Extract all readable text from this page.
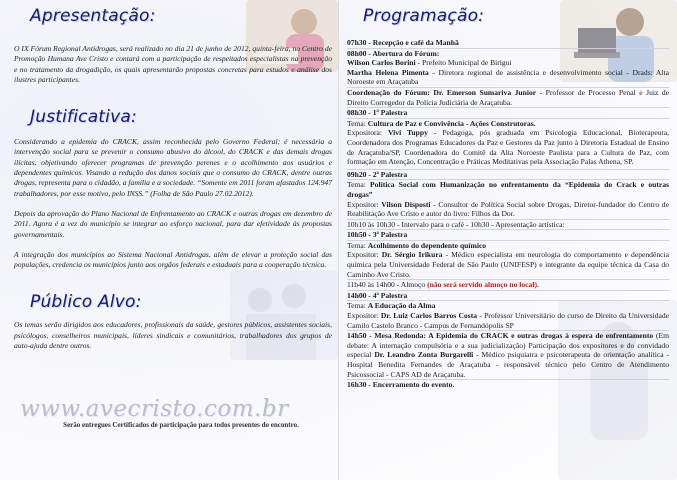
Apresentação:

O IX Fórum Regional Antidrogas, será realizado no dia 21 de junho de 2012, quinta-feira, no Centro de Promoção Humana Ave Cristo e contará com a participação de respeitados especialistas na prevenção e no tratamento da drogadição, os quais apresentarão propostas concretas para estudos e análise dos ilustres participantes.

Justificativa:

Considerando a epidemia do CRACK, assim reconhecida pelo Governo Federal; é necessária a intervenção social para se prevenir o consumo abusivo do álcool, do CRACK e das demais drogas ilícitas, objetivando oferecer programas de prevenção perenes e o acolhimento aos usuários e dependentes químicos. Visando a redução dos danos sociais que o consumo do CRACK, dentre outras drogas, representa para o cidadão, a família e a sociedade. “Somente em 2011 foram afastados 124.947 trabalhadores, por esse motivo, pelo INSS.” (Folha de São Paulo 27.02.2012).

Depois da aprovação do Plano Nacional de Enfrentamento ao CRACK e outras drogas em dezembro de 2011. Agora é a vez do município se integrar ao esforço nacional, para dar efetividade às propostas governamentais.

A integração dos municípios ao Sistema Nacional Antidrogas, além de elevar a proteção social das populações, credencia os municípios junto aos orgãos federais e estaduais para a cooperação técnica.

Público Alvo:

Os temas serão dirigidos aos educadores, profissionais da saúde, gestores públicos, assistentes sociais, psicólogos, conselheiros municipais, líderes sindicais e comunitários, trabalhadores dos grupos de auto-ajuda dentre outros.

www.avecristo.com.br
Serão entregues Certificados de participação para todos presentes do encontro.
Programação:

07h30 - Recepção e café da Manhã

08h00 - Abertura do Fórum:

Wilson Carlos Borini - Prefeito Municipal de Birigui

Martha Helena Pimenta - Diretora regional de assistência e desenvolvimento social - Drads: Alta Noroeste em Araçatuba

Coordenação do Fórum: Dr. Emerson Sumariva Junior - Professor de Processo Penal e Juiz de Direito Corregedor da Polícia Judiciária de Araçatuba.

08h30 - 1ª Palestra

Tema: Cultura de Paz e Convivência - Ações Construtoras.

Expositora: Vivi Tuppy - Pedagoga, pós graduada em Psicologia Educacional, Bioterapeuta, Coordenadora dos Programas Educadores da Paz e Gestores da Paz junto à Diretoria Estadual de Ensino de Araçatuba/SP, Coordenadora do Comitê da Alta Noroeste Paulista para a Cultura de Paz, com formação em Atenção, Concentração e Práticas Meditativas pela Associação Palas Athena, SP.

09h20 - 2ª Palestra

Tema: Política Social com Humanização no enfrentamento da “Epidemia do Crack e outras drogas”

Expositor: Vilson Disposti - Consultor de Política Social sobre Drogas, Diretor-fundador do Centro de Reabilitação Ave Cristo e autor do livro: Filhos da Dor.

10h10 às 10h30 - Intervalo para o café - 10h30 - Apresentação artística:

10h50 - 3ª Palestra

Tema: Acolhimento do dependente químico

Expositor: Dr. Sérgio Irikura - Médico especialista em neurologia do comportamento e dependência química pela Universidade Federal de São Paulo (UNIFESP) e integrante da equipe técnica da Casa do Caminho Ave Cristo.

11h40 às 14h00 - Almoço (não será servido almoço no local).

14h00 - 4ª Palestra

Tema: A Educação da Alma

Expositor: Dr. Luiz Carlos Barros Costa - Professor Universitário do curso de Direito da Universidade Camilo Castelo Branco - Campus de Fernandópolis SP

14h50 - Mesa Redonda: A Epidemia do CRACK e outras drogas à espera de enfrentamento (Em debate: A internação compulsória e a sua judicialização) Participação dos expositores e do convidado especial Dr. Leandro Zonta Burgarelli - Médico psiquiatra e psicoterapeuta de orientação analítica - Hospital Benedita Fernandes de Araçatuba - responsável técnico pelo Centro de Atendimento Psicossocial - CAPS AD de Araçatuba.

16h30 - Encerramento do evento.
